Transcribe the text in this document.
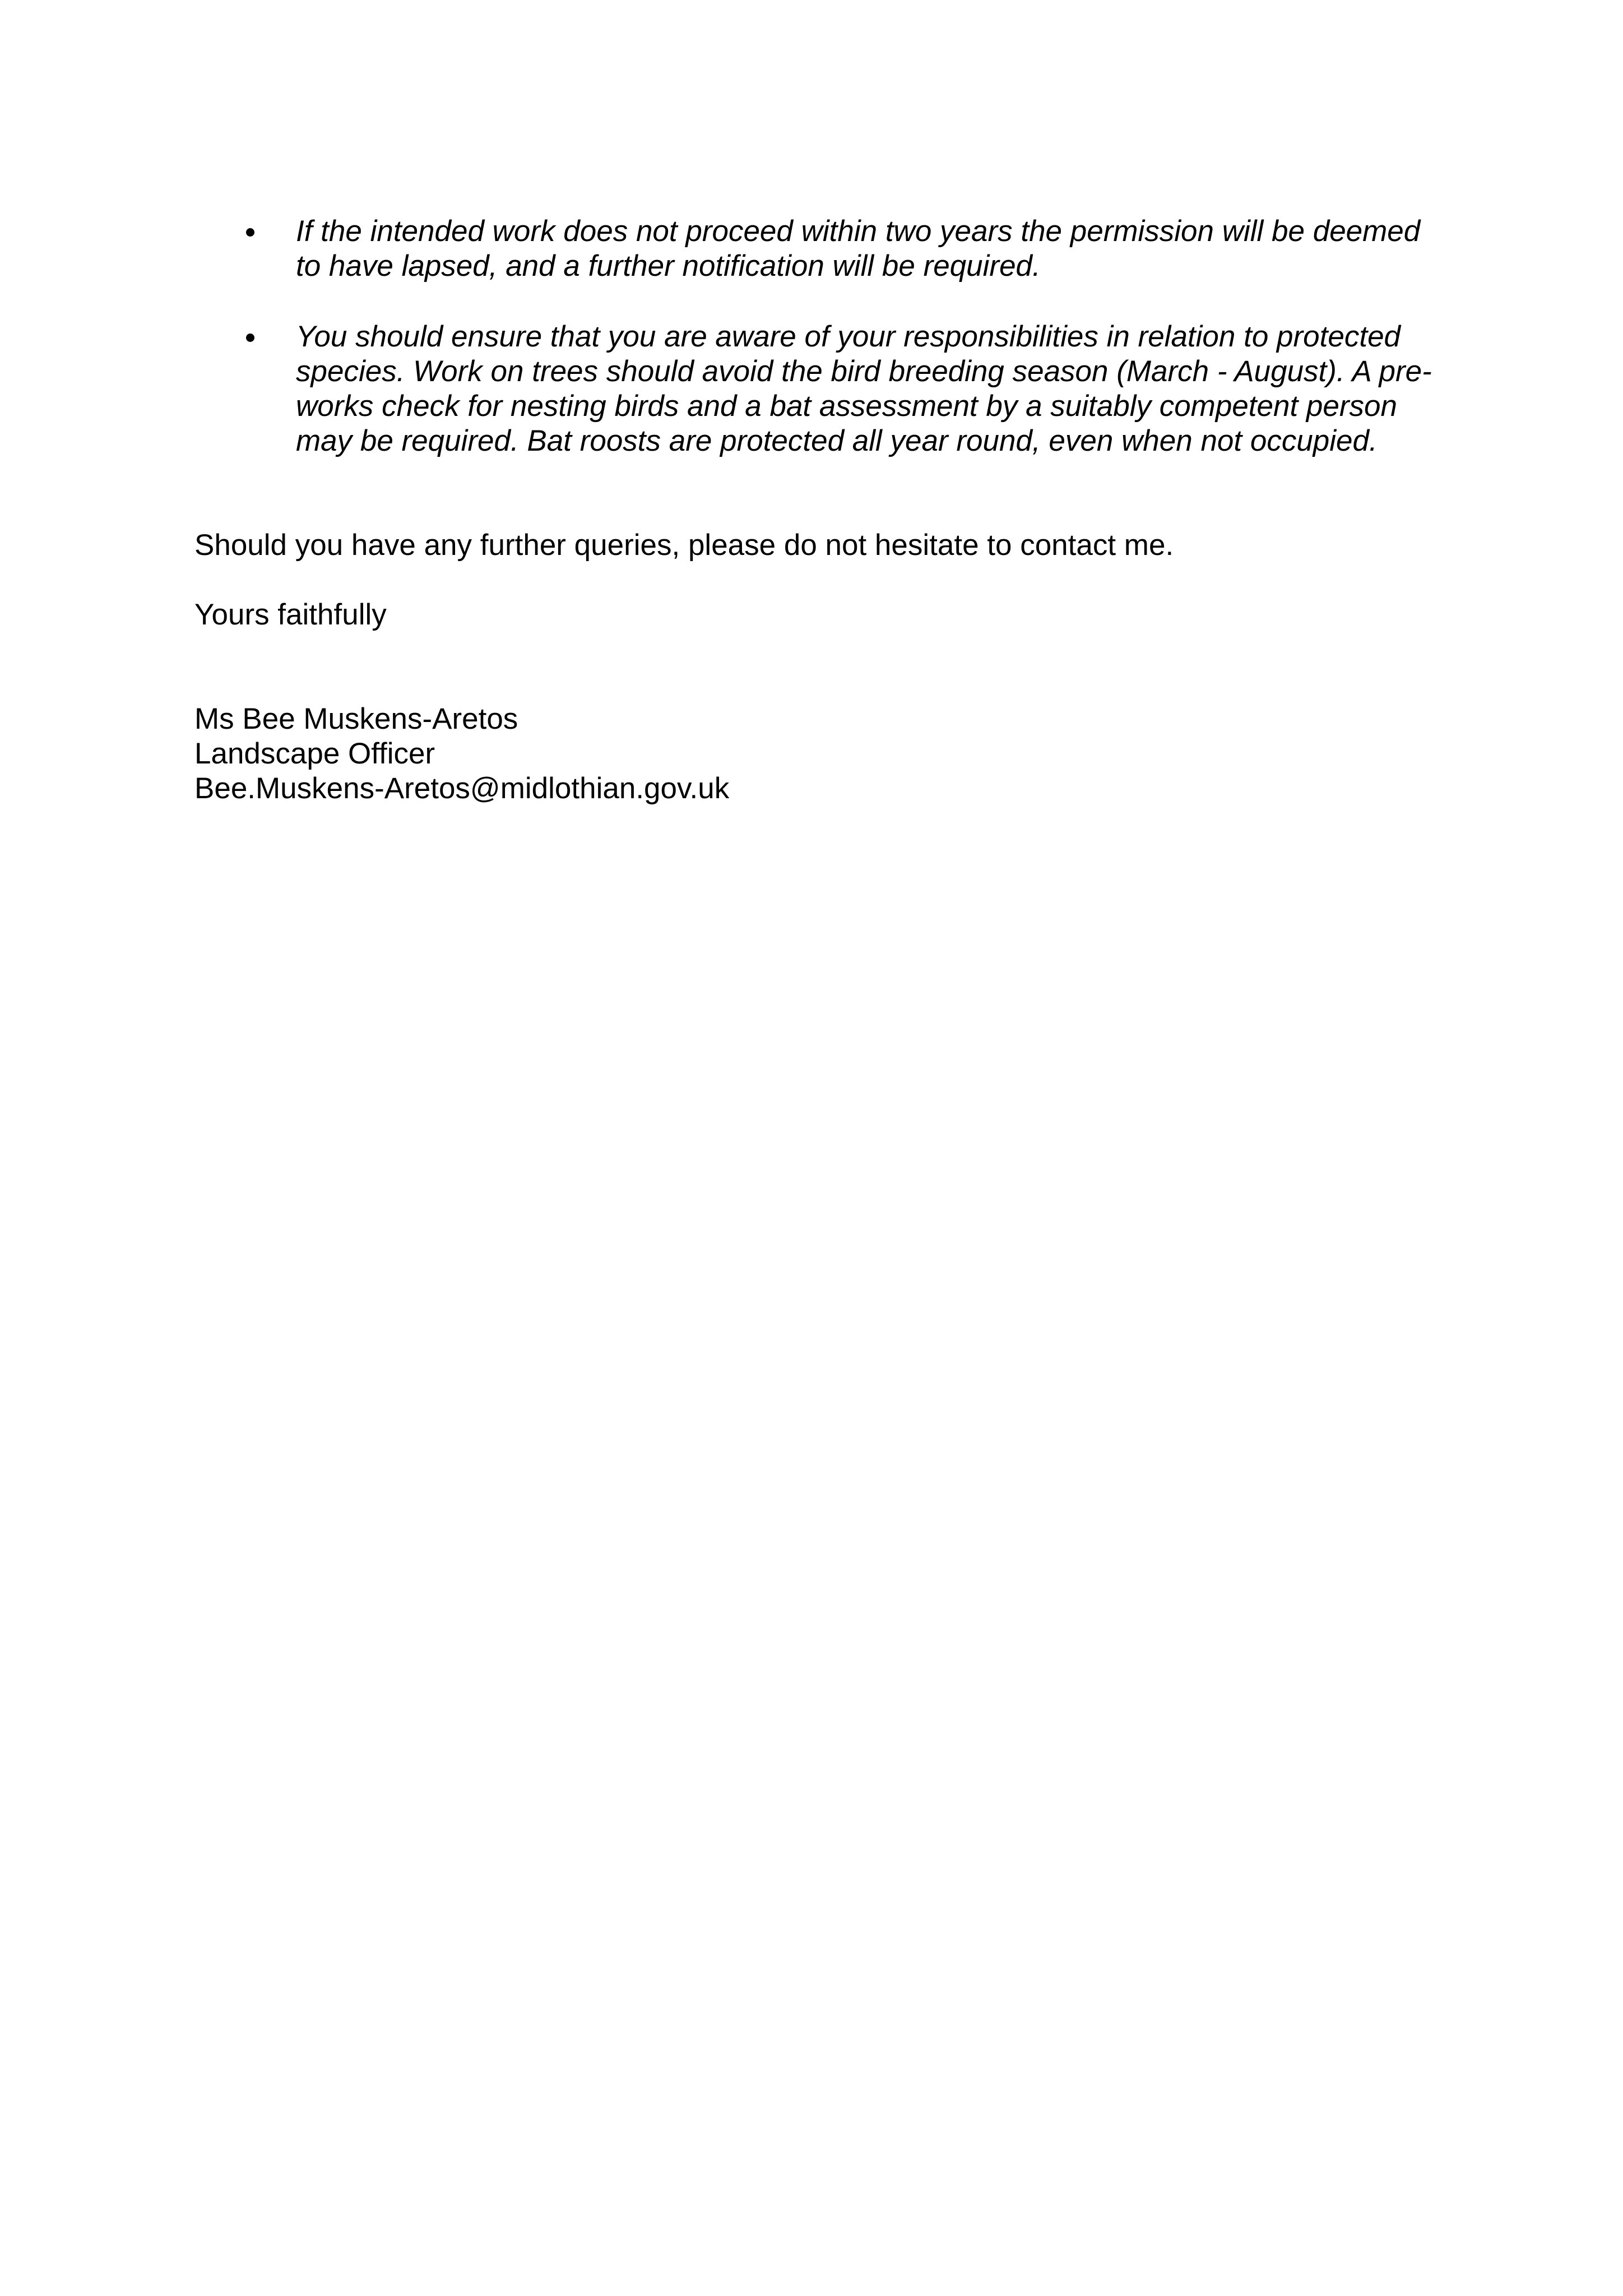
If the intended work does not proceed within two years the permission will be deemed to have lapsed, and a further notification will be required.
You should ensure that you are aware of your responsibilities in relation to protected species. Work on trees should avoid the bird breeding season (March - August). A pre-works check for nesting birds and a bat assessment by a suitably competent person may be required. Bat roosts are protected all year round, even when not occupied.

Should you have any further queries, please do not hesitate to contact me.

Yours faithfully

Ms Bee Muskens-Aretos
Landscape Officer
Bee.Muskens-Aretos@midlothian.gov.uk
